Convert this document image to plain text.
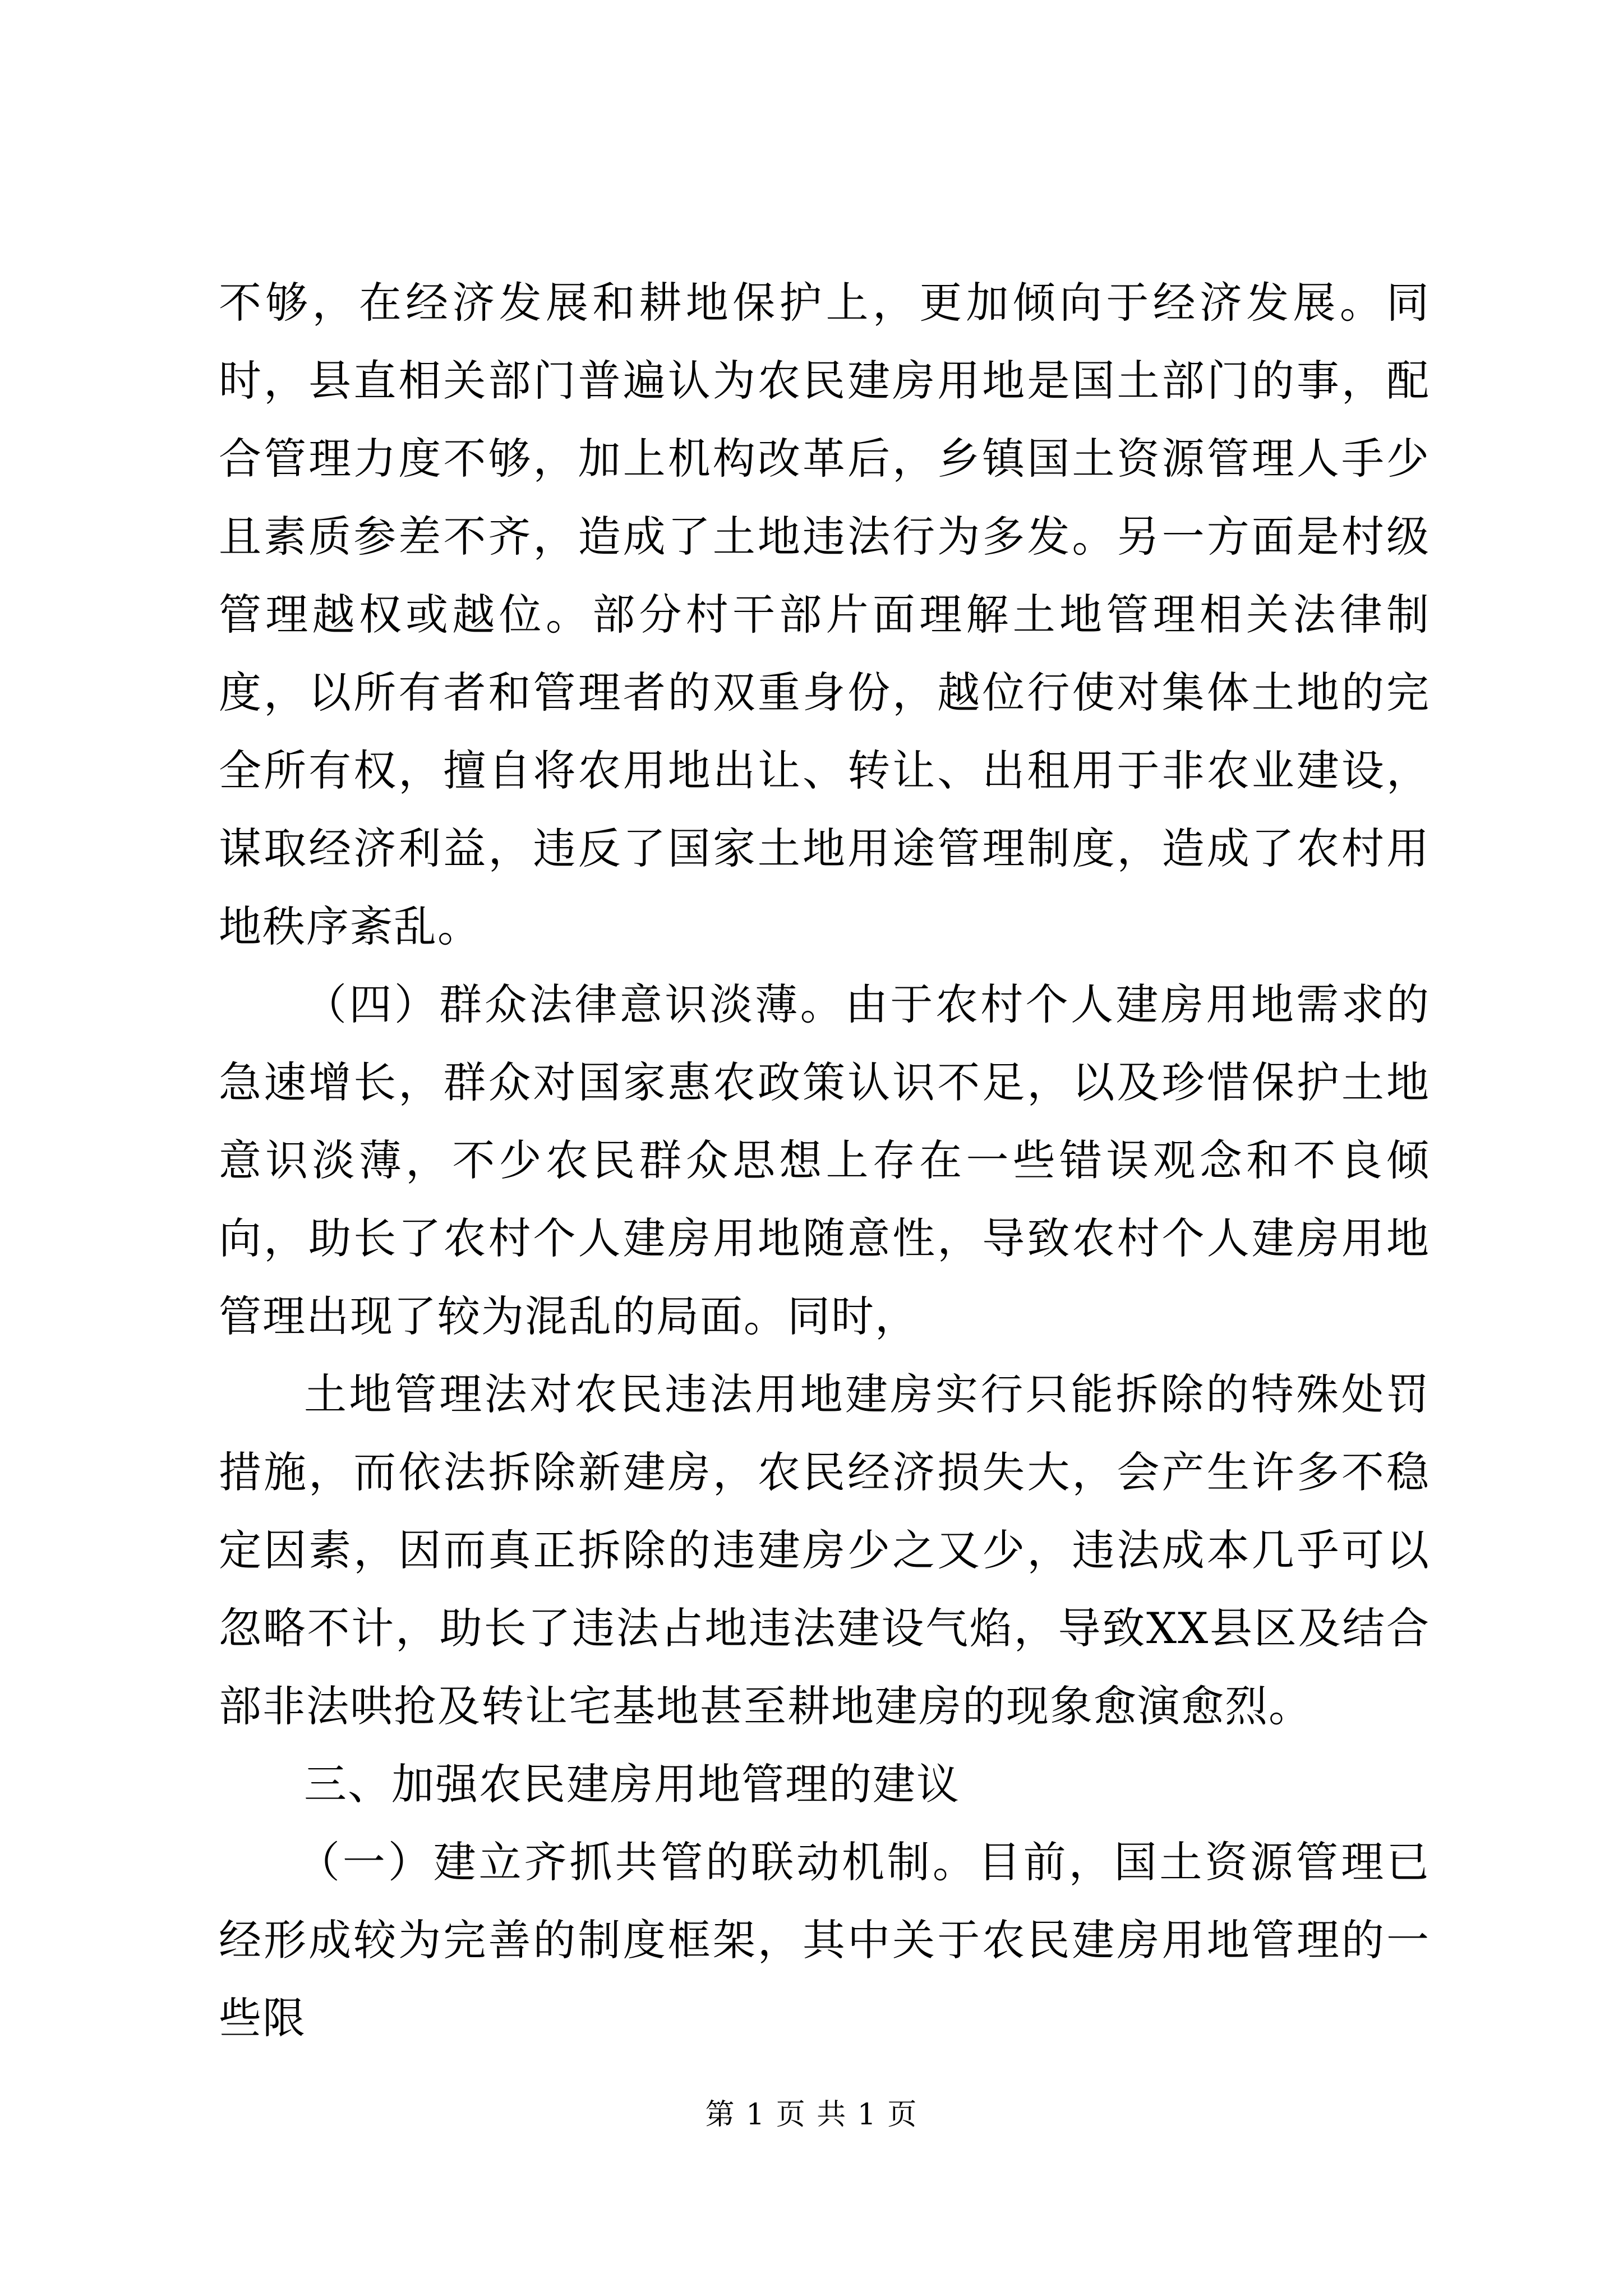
不够，在经济发展和耕地保护上，更加倾向于经济发展。同时，县直相关部门普遍认为农民建房用地是国土部门的事，配合管理力度不够，加上机构改革后，乡镇国土资源管理人手少且素质参差不齐，造成了土地违法行为多发。另一方面是村级管理越权或越位。部分村干部片面理解土地管理相关法律制度，以所有者和管理者的双重身份，越位行使对集体土地的完全所有权，擅自将农用地出让、转让、出租用于非农业建设，谋取经济利益，违反了国家土地用途管理制度，造成了农村用地秩序紊乱。

（四）群众法律意识淡薄。由于农村个人建房用地需求的急速增长，群众对国家惠农政策认识不足，以及珍惜保护土地意识淡薄，不少农民群众思想上存在一些错误观念和不良倾向，助长了农村个人建房用地随意性，导致农村个人建房用地管理出现了较为混乱的局面。同时，

土地管理法对农民违法用地建房实行只能拆除的特殊处罚措施，而依法拆除新建房，农民经济损失大，会产生许多不稳定因素，因而真正拆除的违建房少之又少，违法成本几乎可以忽略不计，助长了违法占地违法建设气焰，导致XX县区及结合部非法哄抢及转让宅基地甚至耕地建房的现象愈演愈烈。

三、加强农民建房用地管理的建议

（一）建立齐抓共管的联动机制。目前，国土资源管理已经形成较为完善的制度框架，其中关于农民建房用地管理的一些限

第 1 页 共 1 页
